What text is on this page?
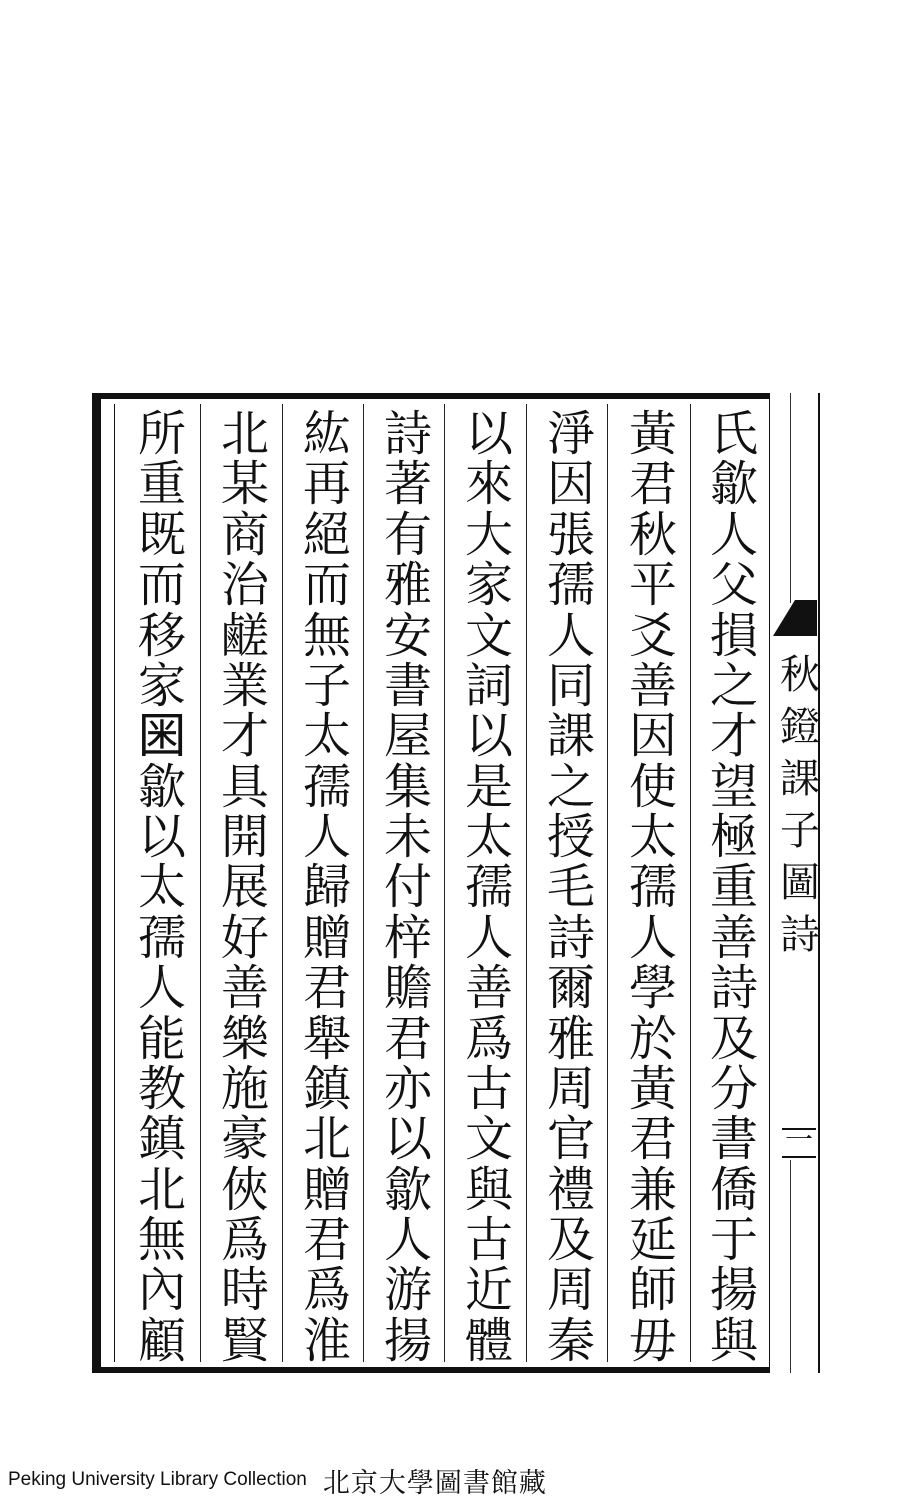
氏
歙
人
父
損
之
才
望
極
重
善
詩
及
分
書
僑
于
揚
與
黃
君
秋
平
爻
善
因
使
太
孺
人
學
於
黃
君
兼
延
師
毋
淨
因
張
孺
人
同
課
之
授
毛
詩
爾
雅
周
官
禮
及
周
秦
以
來
大
家
文
詞
以
是
太
孺
人
善
爲
古
文
與
古
近
體
詩
著
有
雅
安
書
屋
集
未
付
梓
贍
君
亦
以
歙
人
游
揚
紘
再
絕
而
無
子
太
孺
人
歸
贈
君
舉
鎮
北
贈
君
爲
淮
北
某
商
治
鹺
業
才
具
開
展
好
善
樂
施
豪
俠
爲
時
賢
所
重
既
而
移
家
𡇒
歙
以
太
孺
人
能
教
鎮
北
無
內
顧
秋
鐙
課
子
圖
詩
一
Peking University Library Collection 北京大學圖書館藏
